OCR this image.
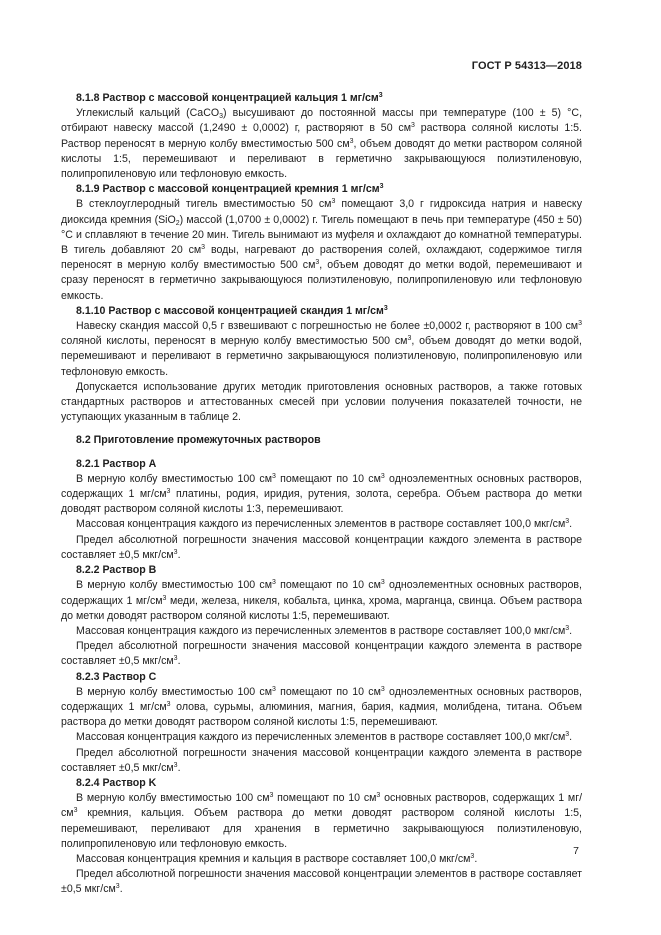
ГОСТ Р 54313—2018

8.1.8 Раствор с массовой концентрацией кальция 1 $мг/см^3$

Углекислый кальций (CaCO$_3$) высушивают до постоянной массы при температуре (100 ± 5) °С, отбирают навеску массой (1,2490 ± 0,0002) г, растворяют в 50 $см^3$ раствора соляной кислоты 1:5. Раствор переносят в мерную колбу вместимостью 500 $см^3$, объем доводят до метки раствором соляной кислоты 1:5, перемешивают и переливают в герметично закрывающуюся полиэтиленовую, полипропиленовую или тефлоновую емкость.

8.1.9 Раствор с массовой концентрацией кремния 1 $мг/см^3$

В стеклоуглеродный тигель вместимостью 50 $см^3$ помещают 3,0 г гидроксида натрия и навеску диоксида кремния (SiO$_2$) массой (1,0700 ± 0,0002) г. Тигель помещают в печь при температуре (450 ± 50) °С и сплавляют в течение 20 мин. Тигель вынимают из муфеля и охлаждают до комнатной температуры. В тигель добавляют 20 $см^3$ воды, нагревают до растворения солей, охлаждают, содержимое тигля переносят в мерную колбу вместимостью 500 $см^3$, объем доводят до метки водой, перемешивают и сразу переносят в герметично закрывающуюся полиэтиленовую, полипропиленовую или тефлоновую емкость.

8.1.10 Раствор с массовой концентрацией скандия 1 $мг/см^3$

Навеску скандия массой 0,5 г взвешивают с погрешностью не более ±0,0002 г, растворяют в 100 $см^3$ соляной кислоты, переносят в мерную колбу вместимостью 500 $см^3$, объем доводят до метки водой, перемешивают и переливают в герметично закрывающуюся полиэтиленовую, полипропиленовую или тефлоновую емкость.

Допускается использование других методик приготовления основных растворов, а также готовых стандартных растворов и аттестованных смесей при условии получения показателей точности, не уступающих указанным в таблице 2.

8.2 Приготовление промежуточных растворов

8.2.1 Раствор А

В мерную колбу вместимостью 100 $см^3$ помещают по 10 $см^3$ одноэлементных основных растворов, содержащих 1 $мг/см^3$ платины, родия, иридия, рутения, золота, серебра. Объем раствора до метки доводят раствором соляной кислоты 1:3, перемешивают.

Массовая концентрация каждого из перечисленных элементов в растворе составляет 100,0 мкг/$см^3$.

Предел абсолютной погрешности значения массовой концентрации каждого элемента в растворе составляет ±0,5 мкг/$см^3$.

8.2.2 Раствор В

В мерную колбу вместимостью 100 $см^3$ помещают по 10 $см^3$ одноэлементных основных растворов, содержащих 1 $мг/см^3$ меди, железа, никеля, кобальта, цинка, хрома, марганца, свинца. Объем раствора до метки доводят раствором соляной кислоты 1:5, перемешивают.

Массовая концентрация каждого из перечисленных элементов в растворе составляет 100,0 мкг/$см^3$.

Предел абсолютной погрешности значения массовой концентрации каждого элемента в растворе составляет ±0,5 мкг/$см^3$.

8.2.3 Раствор С

В мерную колбу вместимостью 100 $см^3$ помещают по 10 $см^3$ одноэлементных основных растворов, содержащих 1 $мг/см^3$ олова, сурьмы, алюминия, магния, бария, кадмия, молибдена, титана. Объем раствора до метки доводят раствором соляной кислоты 1:5, перемешивают.

Массовая концентрация каждого из перечисленных элементов в растворе составляет 100,0 мкг/$см^3$.

Предел абсолютной погрешности значения массовой концентрации каждого элемента в растворе составляет ±0,5 мкг/$см^3$.

8.2.4 Раствор K

В мерную колбу вместимостью 100 $см^3$ помещают по 10 $см^3$ основных растворов, содержащих 1 $мг/см^3$ кремния, кальция. Объем раствора до метки доводят раствором соляной кислоты 1:5, перемешивают, переливают для хранения в герметично закрывающуюся полиэтиленовую, полипропиленовую или тефлоновую емкость.

Массовая концентрация кремния и кальция в растворе составляет 100,0 мкг/$см^3$.

Предел абсолютной погрешности значения массовой концентрации элементов в растворе составляет ±0,5 мкг/$см^3$.

7
